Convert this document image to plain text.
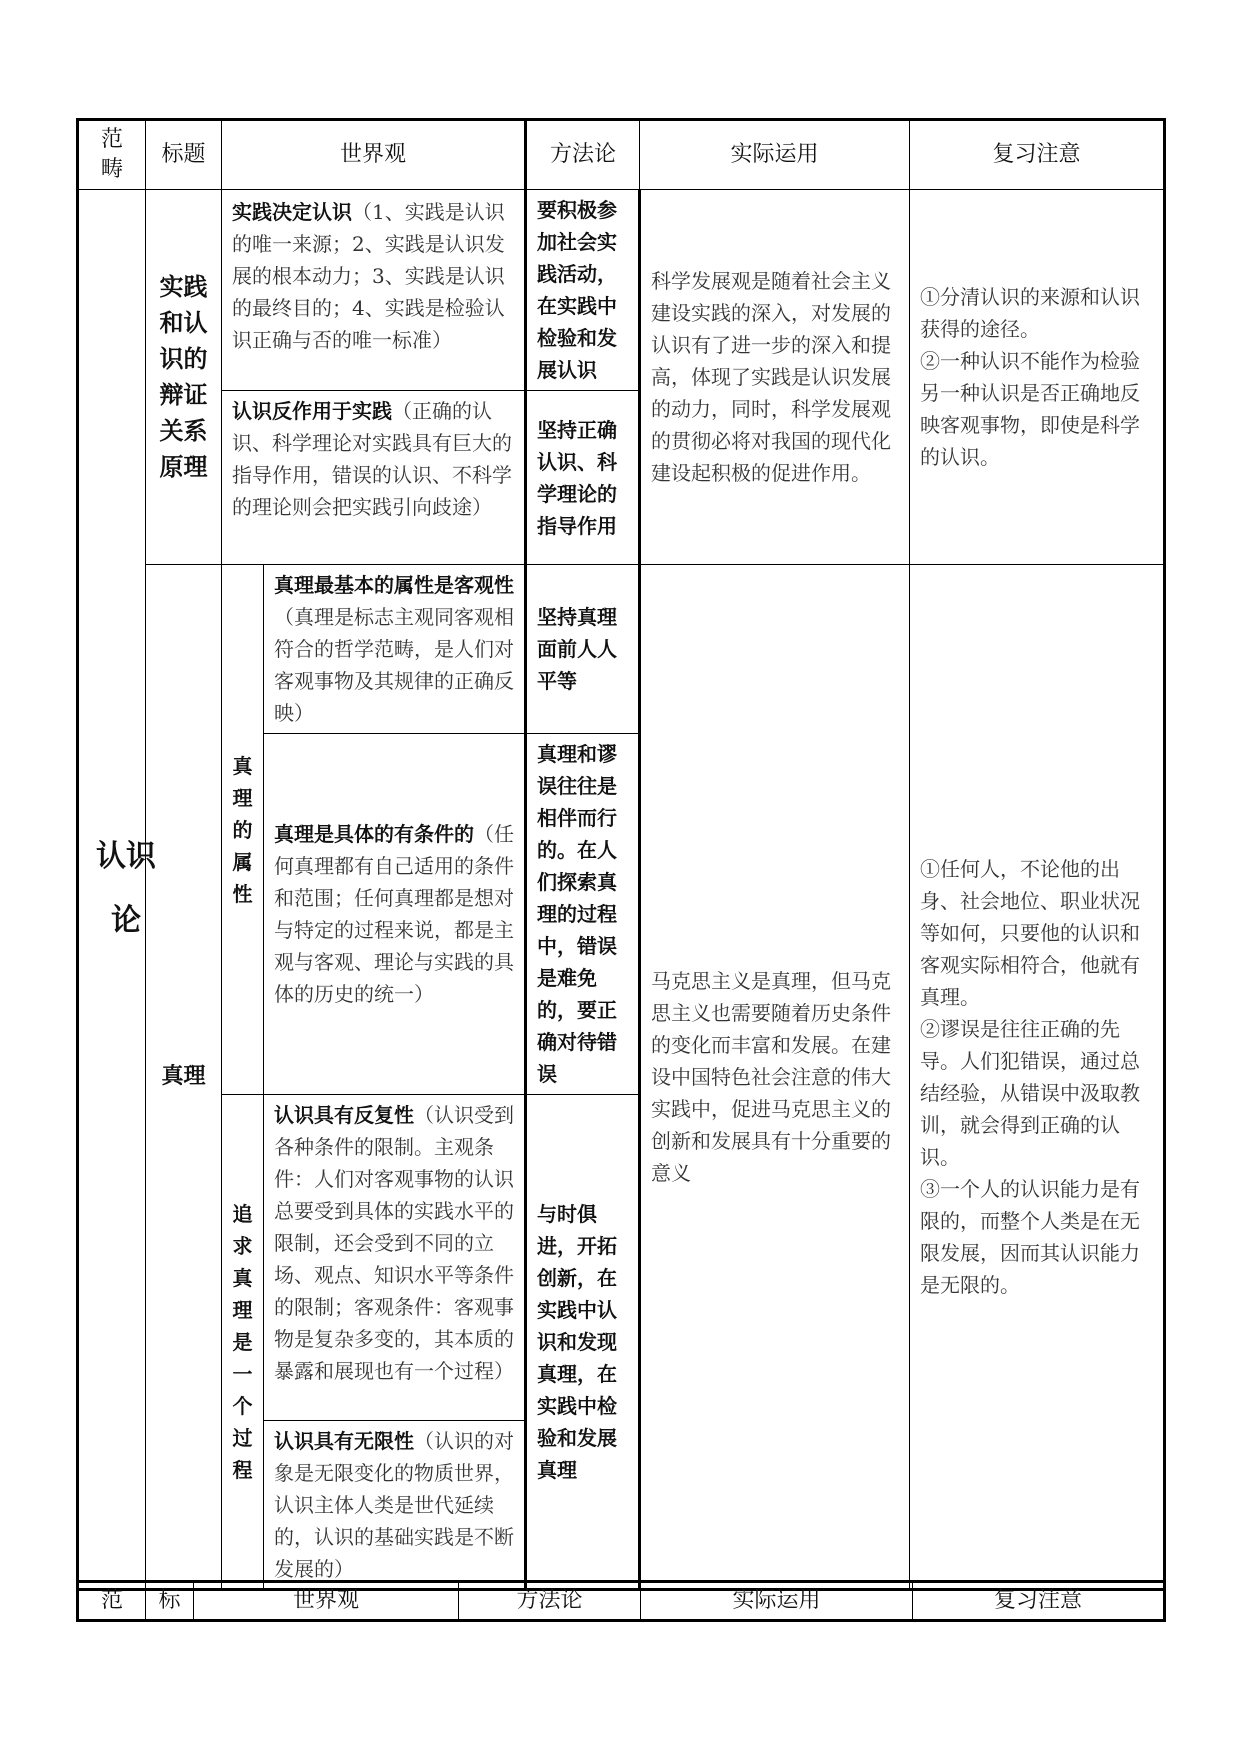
范畴	标题	世界观		方法论	实际运用	复习注意

认识论	实践和认识的辩证关系原理	实践决定认识（1、实践是认识的唯一来源；2、实践是认识发展的根本动力；3、实践是认识的最终目的；4、实践是检验认识正确与否的唯一标准）		要积极参加社会实践活动，在实践中检验和发展认识	科学发展观是随着社会主义建设实践的深入，对发展的认识有了进一步的深入和提高，体现了实践是认识发展的动力，同时，科学发展观的贯彻必将对我国的现代化建设起积极的促进作用。	①分清认识的来源和认识获得的途径。
②一种认识不能作为检验另一种认识是否正确地反映客观事物，即使是科学的认识。

		认识反作用于实践（正确的认识、科学理论对实践具有巨大的指导作用，错误的认识、不科学的理论则会把实践引向歧途）		坚持正确认识、科学理论的指导作用		

	真理	真理的属性	真理最基本的属性是客观性（真理是标志主观同客观相符合的哲学范畴，是人们对客观事物及其规律的正确反映）	坚持真理面前人人平等	马克思主义是真理，但马克思主义也需要随着历史条件的变化而丰富和发展。在建设中国特色社会注意的伟大实践中，促进马克思主义的创新和发展具有十分重要的意义	①任何人，不论他的出身、社会地位、职业状况等如何，只要他的认识和客观实际相符合，他就有真理。
②谬误是往往正确的先导。人们犯错误，通过总结经验，从错误中汲取教训，就会得到正确的认识。
③一个人的认识能力是有限的，而整个人类是在无限发展，因而其认识能力是无限的。

			真理是具体的有条件的（任何真理都有自己适用的条件和范围；任何真理都是想对与特定的过程来说，都是主观与客观、理论与实践的具体的历史的统一）	真理和谬误往往是相伴而行的。在人们探索真理的过程中，错误是难免的，要正确对待错误		

		追求真理是一个过程	认识具有反复性（认识受到各种条件的限制。主观条件：人们对客观事物的认识总要受到具体的实践水平的限制，还会受到不同的立场、观点、知识水平等条件的限制；客观条件：客观事物是复杂多变的，其本质的暴露和展现也有一个过程）	与时俱进，开拓创新，在实践中认识和发现真理，在实践中检验和发展真理		

			认识具有无限性（认识的对象是无限变化的物质世界，认识主体人类是世代延续的，认识的基础实践是不断发展的）			

范	标	世界观	方法论	实际运用	复习注意
